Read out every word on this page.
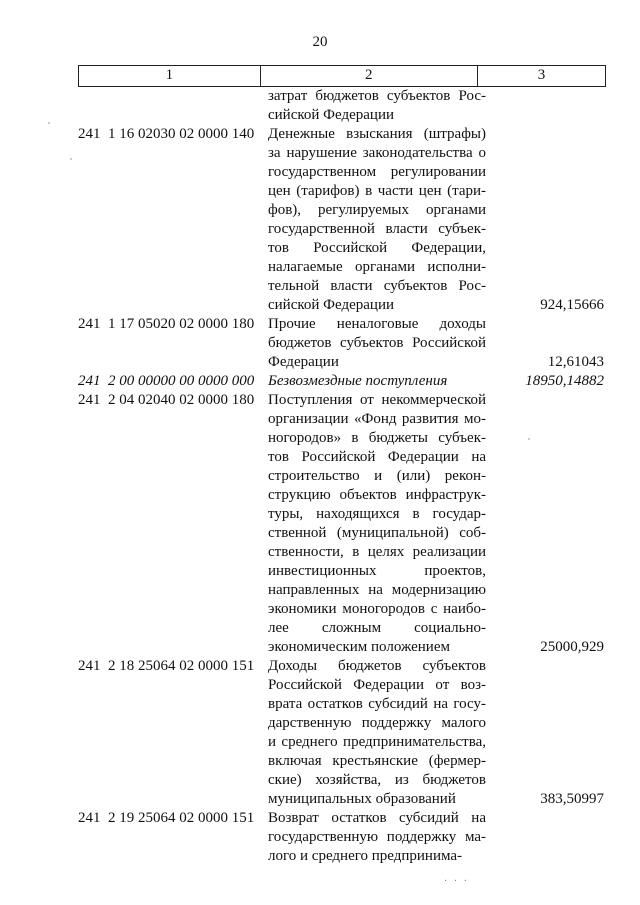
20
1	2	3
затрат бюджетов субъектов Рос-
сийской Федерации
241  1 16 02030 02 0000 140 Денежные взыскания (штрафы)
за нарушение законодательства о
государственном регулировании
цен (тарифов) в части цен (тари-
фов), регулируемых органами
государственной власти субъек-
тов Российской Федерации,
налагаемые органами исполни-
тельной власти субъектов Рос-
сийской Федерации	924,15666
241  1 17 05020 02 0000 180 Прочие неналоговые доходы
бюджетов субъектов Российской
Федерации	12,61043
241  2 00 00000 00 0000 000 Безвозмездные поступления	18950,14882
241  2 04 02040 02 0000 180 Поступления от некоммерческой
организации «Фонд развития мо-
ногородов» в бюджеты субъек-
тов Российской Федерации на
строительство и (или) рекон-
струкцию объектов инфраструк-
туры, находящихся в государ-
ственной (муниципальной) соб-
ственности, в целях реализации
инвестиционных проектов,
направленных на модернизацию
экономики моногородов с наибо-
лее сложным социально-
экономическим положением	25000,929
241  2 18 25064 02 0000 151 Доходы бюджетов субъектов
Российской Федерации от воз-
врата остатков субсидий на госу-
дарственную поддержку малого
и среднего предпринимательства,
включая крестьянские (фермер-
ские) хозяйства, из бюджетов
муниципальных образований	383,50997
241  2 19 25064 02 0000 151 Возврат остатков субсидий на
государственную поддержку ма-
лого и среднего предпринима-
· · ·
